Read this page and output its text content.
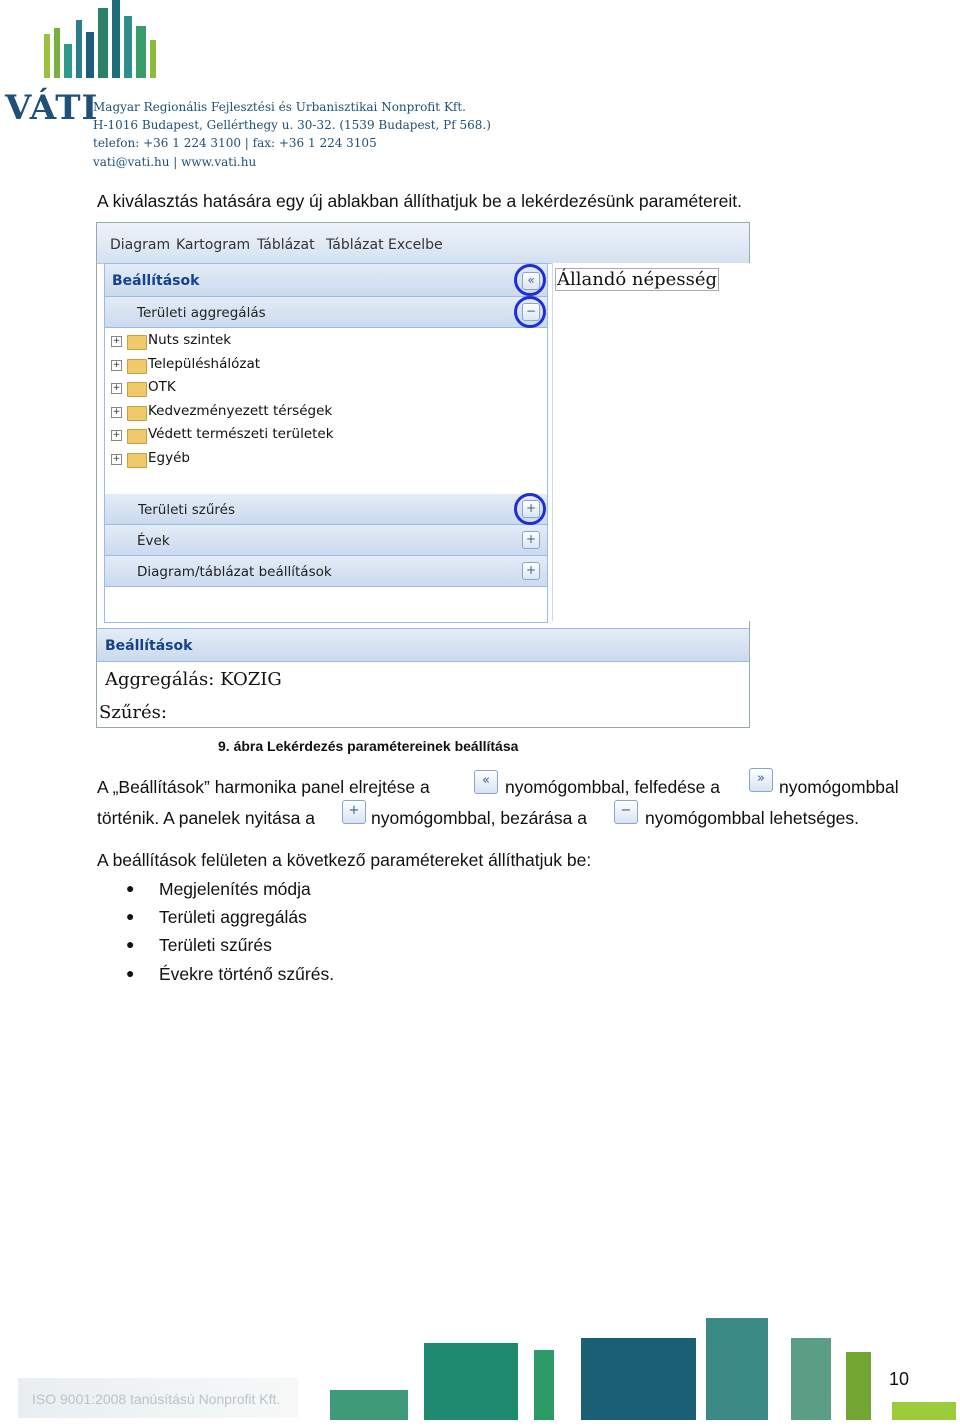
VÁTI
Magyar Regionális Fejlesztési és Urbanisztikai Nonprofit Kft.
H-1016 Budapest, Gellérthegy u. 30-32. (1539 Budapest, Pf 568.)
telefon: +36 1 224 3100 | fax: +36 1 224 3105
vati@vati.hu | www.vati.hu
A kiválasztás hatására egy új ablakban állíthatjuk be a lekérdezésünk paramétereit.
Diagram Kartogram Táblázat Táblázat Excelbe
Beállítások	«
Területi aggregálás	−
+ Nuts szintek
+ Településhálózat
+ OTK
+ Kedvezményezett térségek
+ Védett természeti területek
+ Egyéb
Területi szűrés	+
Évek	+
Diagram/táblázat beállítások	+
Állandó népesség
Beállítások
Aggregálás: KOZIG
Szűrés:
9. ábra Lekérdezés paramétereinek beállítása
A „Beállítások” harmonika panel elrejtése a	« nyomógombbal, felfedése a	» nyomógombbal
történik. A panelek nyitása a	+ nyomógombbal, bezárása a	− nyomógombbal lehetséges.
A beállítások felületen a következő paramétereket állíthatjuk be:
● Megjelenítés módja
● Területi aggregálás
● Területi szűrés
● Évekre történő szűrés.
ISO 9001:2008 tanúsítású Nonprofit Kft.
10
